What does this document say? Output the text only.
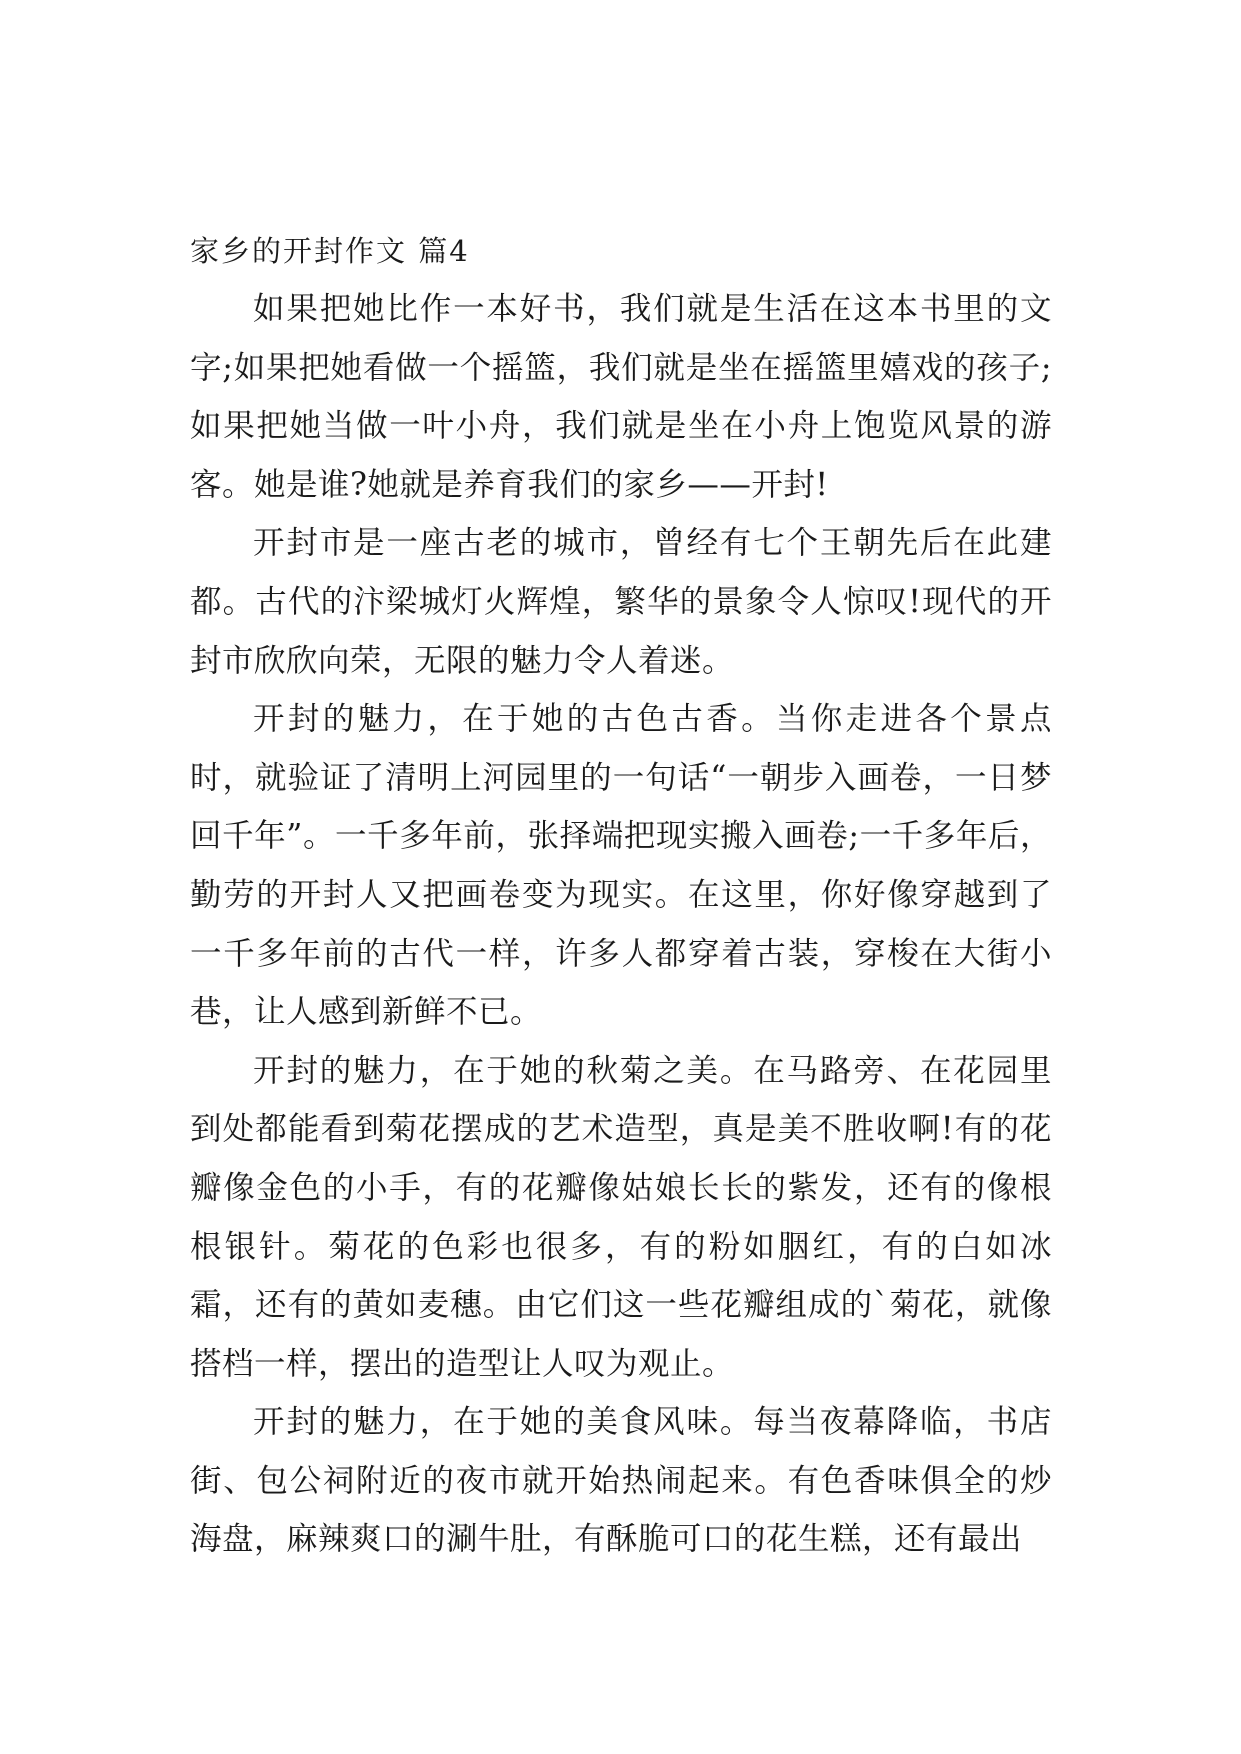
家乡的开封作文 篇4

如果把她比作一本好书，我们就是生活在这本书里的文字;如果把她看做一个摇篮，我们就是坐在摇篮里嬉戏的孩子;如果把她当做一叶小舟，我们就是坐在小舟上饱览风景的游客。她是谁?她就是养育我们的家乡——开封!

开封市是一座古老的城市，曾经有七个王朝先后在此建都。古代的汴梁城灯火辉煌，繁华的景象令人惊叹!现代的开封市欣欣向荣，无限的魅力令人着迷。

开封的魅力，在于她的古色古香。当你走进各个景点时，就验证了清明上河园里的一句话“一朝步入画卷，一日梦回千年”。一千多年前，张择端把现实搬入画卷;一千多年后，勤劳的开封人又把画卷变为现实。在这里，你好像穿越到了一千多年前的古代一样，许多人都穿着古装，穿梭在大街小巷，让人感到新鲜不已。

开封的魅力，在于她的秋菊之美。在马路旁、在花园里到处都能看到菊花摆成的艺术造型，真是美不胜收啊!有的花瓣像金色的小手，有的花瓣像姑娘长长的紫发，还有的像根根银针。菊花的色彩也很多，有的粉如胭红，有的白如冰霜，还有的黄如麦穗。由它们这一些花瓣组成的`菊花，就像搭档一样，摆出的造型让人叹为观止。

开封的魅力，在于她的美食风味。每当夜幕降临，书店街、包公祠附近的夜市就开始热闹起来。有色香味俱全的炒海盘，麻辣爽口的涮牛肚，有酥脆可口的花生糕，还有最出
